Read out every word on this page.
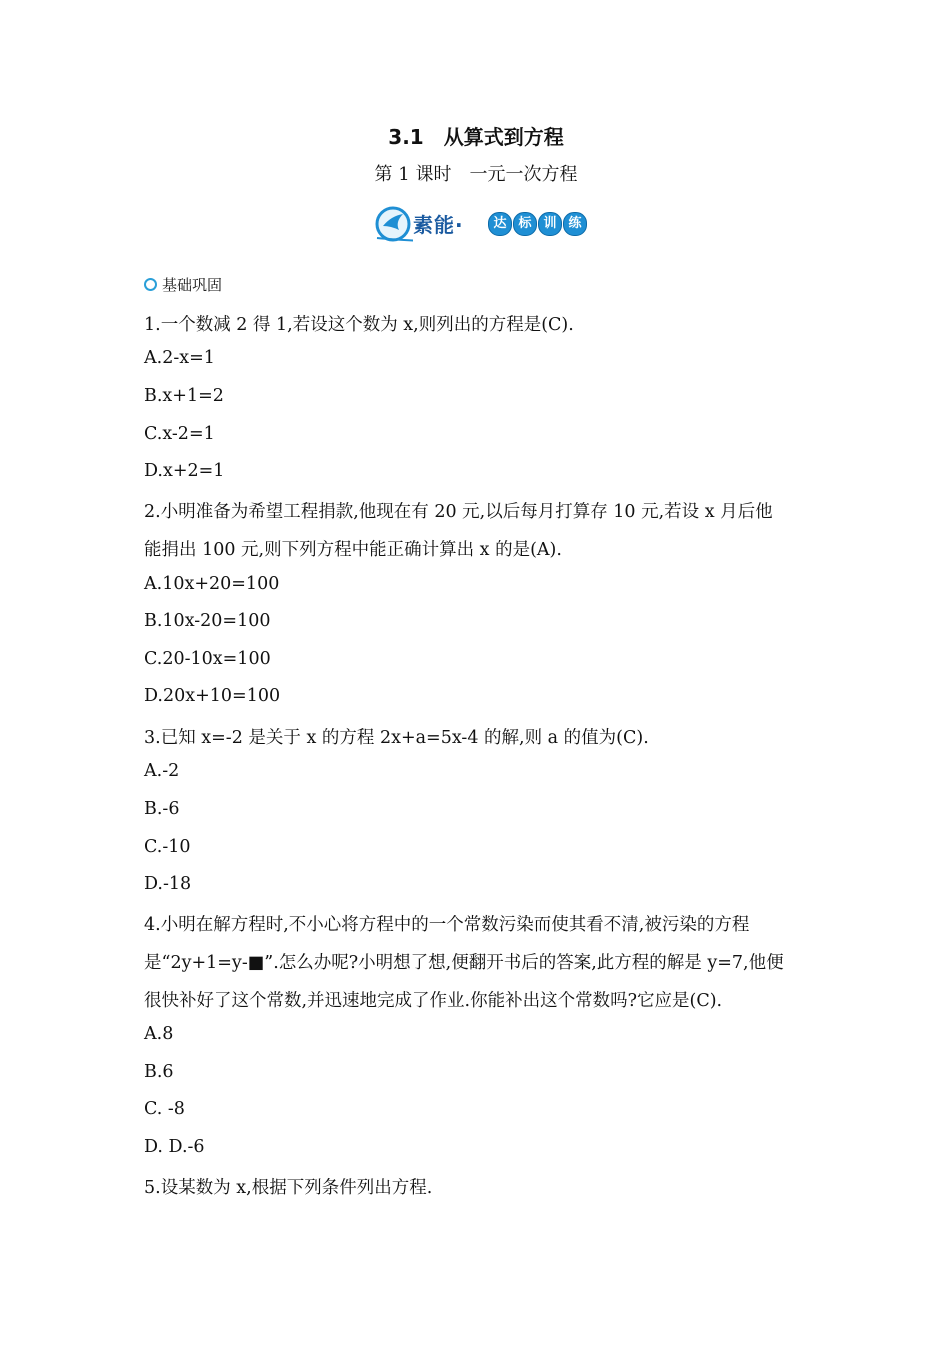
3.1　从算式到方程
第 1 课时　一元一次方程
素能·	达 标 训 练
基础巩固
1.一个数减 2 得 1,若设这个数为 x,则列出的方程是(C).
A.2-x=1
B.x+1=2
C.x-2=1
D.x+2=1
2.小明准备为希望工程捐款,他现在有 20 元,以后每月打算存 10 元,若设 x 月后他
能捐出 100 元,则下列方程中能正确计算出 x 的是(A).
A.10x+20=100
B.10x-20=100
C.20-10x=100
D.20x+10=100
3.已知 x=-2 是关于 x 的方程 2x+a=5x-4 的解,则 a 的值为(C).
A.-2
B.-6
C.-10
D.-18
4.小明在解方程时,不小心将方程中的一个常数污染而使其看不清,被污染的方程
是“2y+1=y-■”.怎么办呢?小明想了想,便翻开书后的答案,此方程的解是 y=7,他便
很快补好了这个常数,并迅速地完成了作业.你能补出这个常数吗?它应是(C).
A.8
B.6
C. -8
D. D.-6
5.设某数为 x,根据下列条件列出方程.
